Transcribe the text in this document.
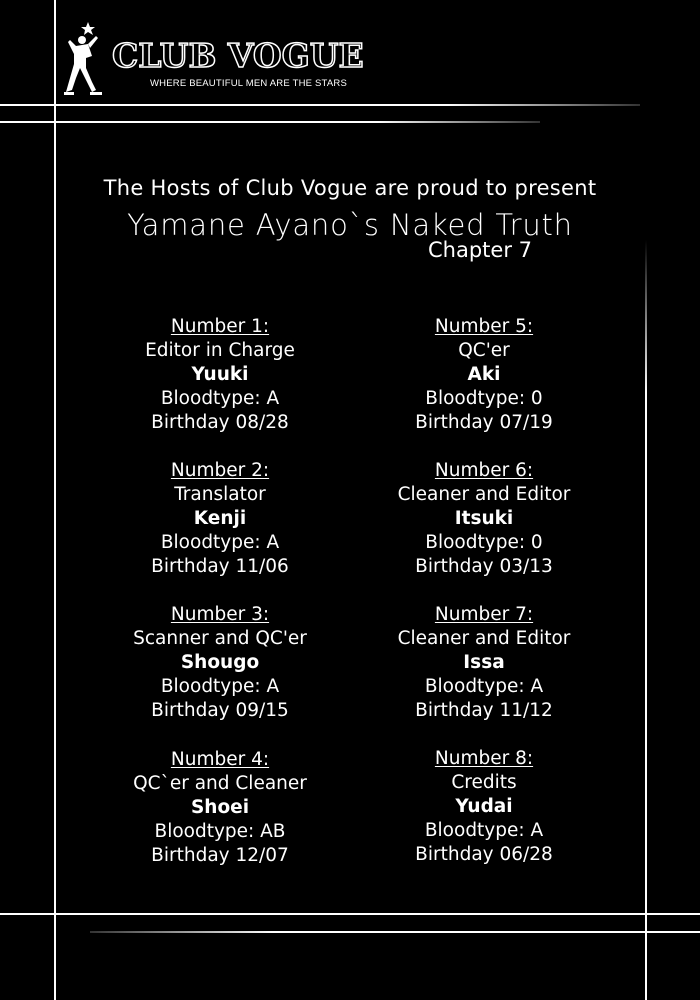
CLUB VOGUE
WHERE BEAUTIFUL MEN ARE THE STARS
The Hosts of Club Vogue are proud to present
Yamane Ayano`s Naked Truth
Chapter 7
Number 1:
Editor in Charge
Yuuki
Bloodtype: A
Birthday 08/28
Number 2:
Translator
Kenji
Bloodtype: A
Birthday 11/06
Number 3:
Scanner and QC'er
Shougo
Bloodtype: A
Birthday 09/15
Number 4:
QC`er and Cleaner
Shoei
Bloodtype: AB
Birthday 12/07
Number 5:
QC'er
Aki
Bloodtype: 0
Birthday 07/19
Number 6:
Cleaner and Editor
Itsuki
Bloodtype: 0
Birthday 03/13
Number 7:
Cleaner and Editor
Issa
Bloodtype: A
Birthday 11/12
Number 8:
Credits
Yudai
Bloodtype: A
Birthday 06/28
